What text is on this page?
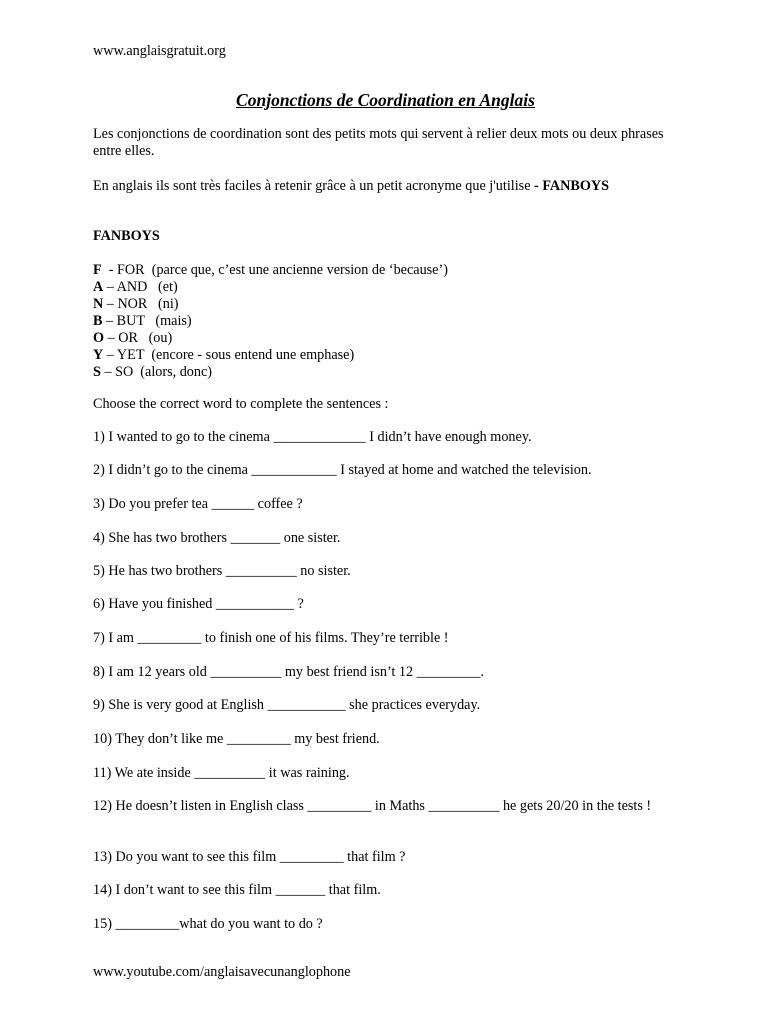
www.anglaisgratuit.org
Conjonctions de Coordination en Anglais
Les conjonctions de coordination sont des petits mots qui servent à relier deux mots ou deux phrases entre elles.
En anglais ils sont très faciles à retenir grâce à un petit acronyme que j'utilise - FANBOYS
FANBOYS
F  - FOR  (parce que, c’est une ancienne version de ‘because’)
A – AND   (et)
N – NOR   (ni)
B – BUT   (mais)
O – OR   (ou)
Y – YET  (encore - sous entend une emphase)
S – SO  (alors, donc)
Choose the correct word to complete the sentences :
1) I wanted to go to the cinema _____________ I didn’t have enough money.
2) I didn’t go to the cinema ____________ I stayed at home and watched the television.
3) Do you prefer tea ______ coffee ?
4) She has two brothers _______ one sister.
5) He has two brothers __________ no sister.
6) Have you finished ___________ ?
7) I am _________ to finish one of his films. They’re terrible !
8) I am 12 years old __________ my best friend isn’t 12 _________.
9) She is very good at English ___________ she practices everyday.
10) They don’t like me _________ my best friend.
11) We ate inside __________ it was raining.
12) He doesn’t listen in English class _________ in Maths __________ he gets 20/20 in the tests !
13) Do you want to see this film _________ that film ?
14) I don’t want to see this film _______ that film.
15) _________what do you want to do ?
www.youtube.com/anglaisavecunanglophone
